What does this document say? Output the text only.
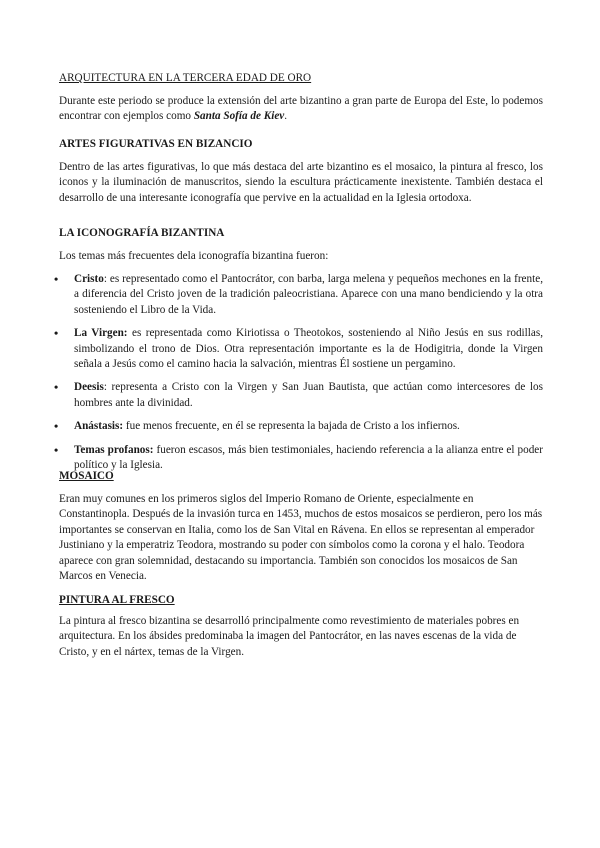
ARQUITECTURA EN LA TERCERA EDAD DE ORO

Durante este periodo se produce la extensión del arte bizantino a gran parte de Europa del Este, lo podemos encontrar con ejemplos como Santa Sofía de Kiev.

ARTES FIGURATIVAS EN BIZANCIO

Dentro de las artes figurativas, lo que más destaca del arte bizantino es el mosaico, la pintura al fresco, los iconos y la iluminación de manuscritos, siendo la escultura prácticamente inexistente. También destaca el desarrollo de una interesante iconografía que pervive en la actualidad en la Iglesia ortodoxa.

LA ICONOGRAFÍA BIZANTINA

Los temas más frecuentes dela iconografía bizantina fueron:

• Cristo: es representado como el Pantocrátor, con barba, larga melena y pequeños mechones en la frente, a diferencia del Cristo joven de la tradición paleocristiana. Aparece con una mano bendiciendo y la otra sosteniendo el Libro de la Vida.
• La Virgen: es representada como Kiriotissa o Theotokos, sosteniendo al Niño Jesús en sus rodillas, simbolizando el trono de Dios. Otra representación importante es la de Hodigitria, donde la Virgen señala a Jesús como el camino hacia la salvación, mientras Él sostiene un pergamino.
• Deesis: representa a Cristo con la Virgen y San Juan Bautista, que actúan como intercesores de los hombres ante la divinidad.
• Anástasis: fue menos frecuente, en él se representa la bajada de Cristo a los infiernos.
• Temas profanos: fueron escasos, más bien testimoniales, haciendo referencia a la alianza entre el poder político y la Iglesia.
MOSAICO

Eran muy comunes en los primeros siglos del Imperio Romano de Oriente, especialmente en Constantinopla. Después de la invasión turca en 1453, muchos de estos mosaicos se perdieron, pero los más importantes se conservan en Italia, como los de San Vital en Rávena. En ellos se representan al emperador Justiniano y la emperatriz Teodora, mostrando su poder con símbolos como la corona y el halo. Teodora aparece con gran solemnidad, destacando su importancia. También son conocidos los mosaicos de San Marcos en Venecia.

PINTURA AL FRESCO

La pintura al fresco bizantina se desarrolló principalmente como revestimiento de materiales pobres en arquitectura. En los ábsides predominaba la imagen del Pantocrátor, en las naves escenas de la vida de Cristo, y en el nártex, temas de la Virgen.
